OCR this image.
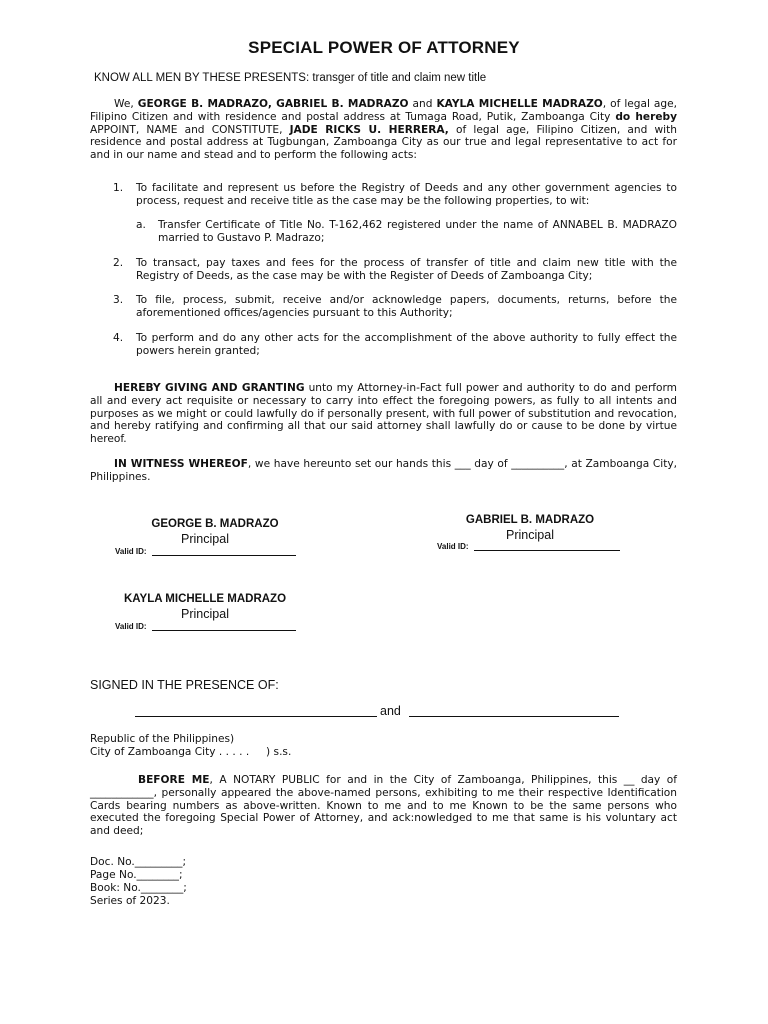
SPECIAL POWER OF ATTORNEY
KNOW ALL MEN BY THESE PRESENTS: transger of title and claim new title
We, GEORGE B. MADRAZO, GABRIEL B. MADRAZO and KAYLA MICHELLE MADRAZO, of legal age, Filipino Citizen and with residence and postal address at Tumaga Road, Putik, Zamboanga City do hereby APPOINT, NAME and CONSTITUTE, JADE RICKS U. HERRERA, of legal age, Filipino Citizen, and with residence and postal address at Tugbungan, Zamboanga City as our true and legal representative to act for and in our name and stead and to perform the following acts:
1. To facilitate and represent us before the Registry of Deeds and any other government agencies to process, request and receive title as the case may be the following properties, to wit:
a. Transfer Certificate of Title No. T-162,462 registered under the name of ANNABEL B. MADRAZO married to Gustavo P. Madrazo;
2. To transact, pay taxes and fees for the process of transfer of title and claim new title with the Registry of Deeds, as the case may be with the Register of Deeds of Zamboanga City;
3. To file, process, submit, receive and/or acknowledge papers, documents, returns, before the aforementioned offices/agencies pursuant to this Authority;
4. To perform and do any other acts for the accomplishment of the above authority to fully effect the powers herein granted;
HEREBY GIVING AND GRANTING unto my Attorney-in-Fact full power and authority to do and perform all and every act requisite or necessary to carry into effect the foregoing powers, as fully to all intents and purposes as we might or could lawfully do if personally present, with full power of substitution and revocation, and hereby ratifying and confirming all that our said attorney shall lawfully do or cause to be done by virtue hereof.
IN WITNESS WHEREOF, we have hereunto set our hands this ___ day of __________, at Zamboanga City, Philippines.
GEORGE B. MADRAZO
Principal
Valid ID:
GABRIEL B. MADRAZO
Principal
Valid ID:
KAYLA MICHELLE MADRAZO
Principal
Valid ID:
SIGNED IN THE PRESENCE OF:
and
Republic of the Philippines)
City of Zamboanga City . . . . .     ) s.s.
BEFORE ME, A NOTARY PUBLIC for and in the City of Zamboanga, Philippines, this __ day of ____________, personally appeared the above-named persons, exhibiting to me their respective Identification Cards bearing numbers as above-written. Known to me and to me Known to be the same persons who executed the foregoing Special Power of Attorney, and ack:nowledged to me that same is his voluntary act and deed;
Doc. No._________;
Page No.________;
Book: No.________;
Series of 2023.
